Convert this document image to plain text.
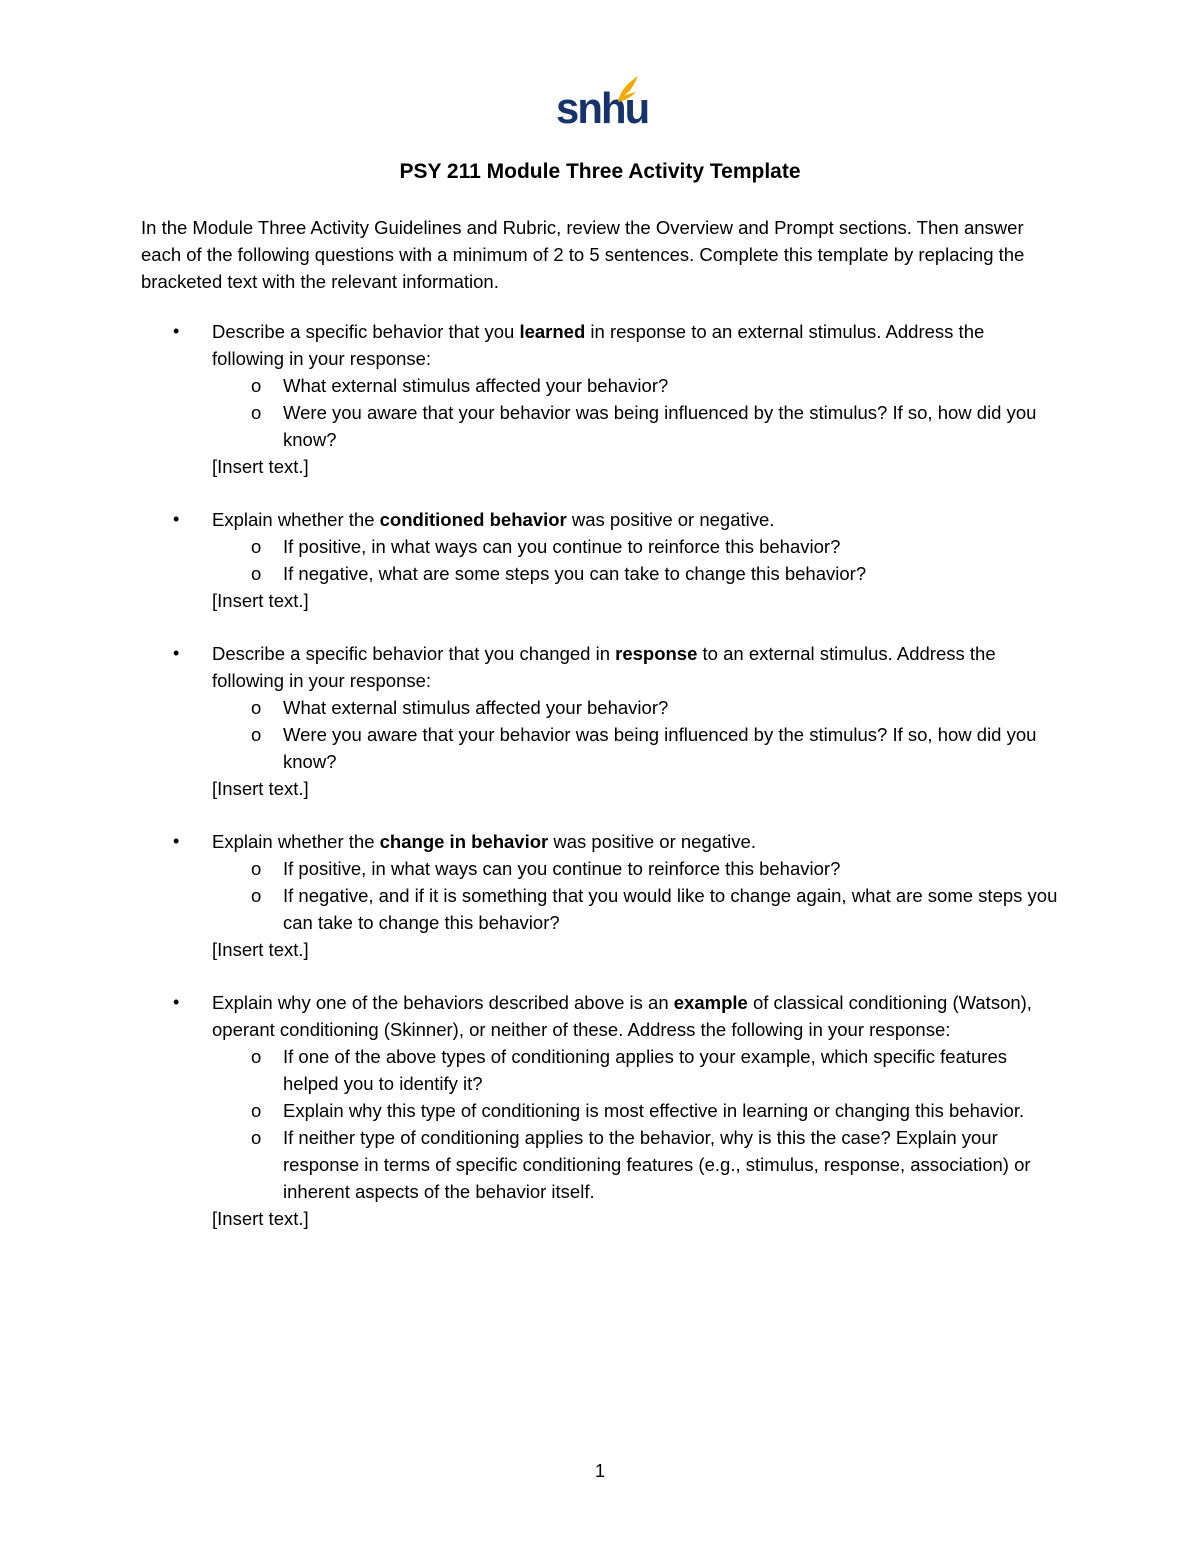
snhu
PSY 211 Module Three Activity Template

In the Module Three Activity Guidelines and Rubric, review the Overview and Prompt sections. Then answer each of the following questions with a minimum of 2 to 5 sentences. Complete this template by replacing the bracketed text with the relevant information.

• Describe a specific behavior that you learned in response to an external stimulus. Address the following in your response:
o What external stimulus affected your behavior?
o Were you aware that your behavior was being influenced by the stimulus? If so, how did you know?
[Insert text.]
• Explain whether the conditioned behavior was positive or negative.
o If positive, in what ways can you continue to reinforce this behavior?
o If negative, what are some steps you can take to change this behavior?
[Insert text.]
• Describe a specific behavior that you changed in response to an external stimulus. Address the following in your response:
o What external stimulus affected your behavior?
o Were you aware that your behavior was being influenced by the stimulus? If so, how did you know?
[Insert text.]
• Explain whether the change in behavior was positive or negative.
o If positive, in what ways can you continue to reinforce this behavior?
o If negative, and if it is something that you would like to change again, what are some steps you can take to change this behavior?
[Insert text.]
• Explain why one of the behaviors described above is an example of classical conditioning (Watson), operant conditioning (Skinner), or neither of these. Address the following in your response:
o If one of the above types of conditioning applies to your example, which specific features helped you to identify it?
o Explain why this type of conditioning is most effective in learning or changing this behavior.
o If neither type of conditioning applies to the behavior, why is this the case? Explain your response in terms of specific conditioning features (e.g., stimulus, response, association) or inherent aspects of the behavior itself.
[Insert text.]
1
